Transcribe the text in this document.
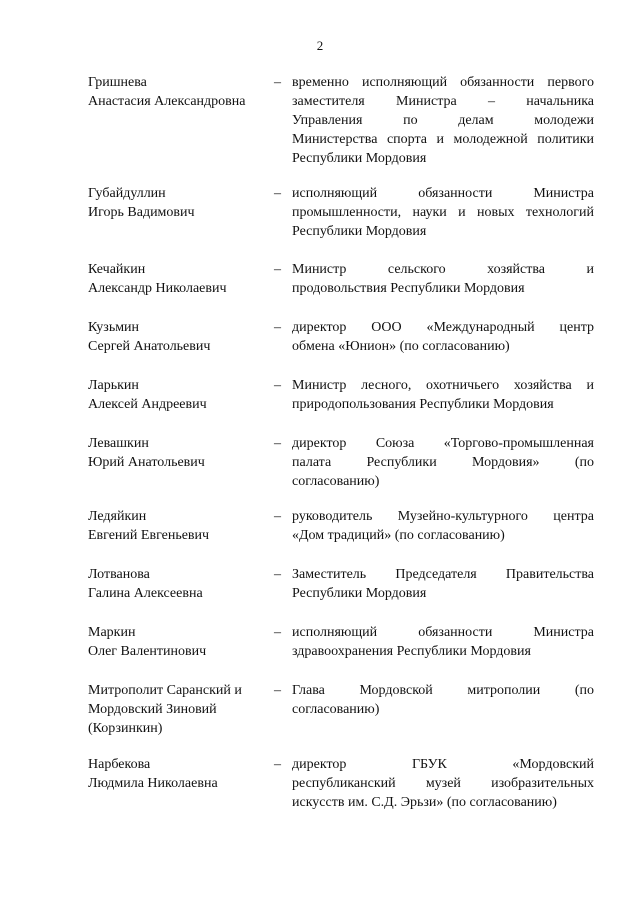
2
Гришнева
Анастасия Александровна
– временно исполняющий обязанности первого
заместителя Министра – начальника
Управления по делам молодежи
Министерства спорта и молодежной политики
Республики Мордовия
Губайдуллин
Игорь Вадимович
– исполняющий обязанности Министра
промышленности, науки и новых технологий
Республики Мордовия
Кечайкин
Александр Николаевич
– Министр сельского хозяйства и
продовольствия Республики Мордовия
Кузьмин
Сергей Анатольевич
– директор ООО «Международный центр
обмена «Юнион» (по согласованию)
Ларькин
Алексей Андреевич
– Министр лесного, охотничьего хозяйства и
природопользования Республики Мордовия
Левашкин
Юрий Анатольевич
– директор Союза «Торгово-промышленная
палата Республики Мордовия» (по
согласованию)
Ледяйкин
Евгений Евгеньевич
– руководитель Музейно-культурного центра
«Дом традиций» (по согласованию)
Лотванова
Галина Алексеевна
– Заместитель Председателя Правительства
Республики Мордовия
Маркин
Олег Валентинович
– исполняющий обязанности Министра
здравоохранения Республики Мордовия
Митрополит Саранский и
Мордовский Зиновий
(Корзинкин)
– Глава Мордовской митрополии (по
согласованию)
Нарбекова
Людмила Николаевна
– директор ГБУК «Мордовский
республиканский музей изобразительных
искусств им. С.Д. Эрьзи» (по согласованию)
